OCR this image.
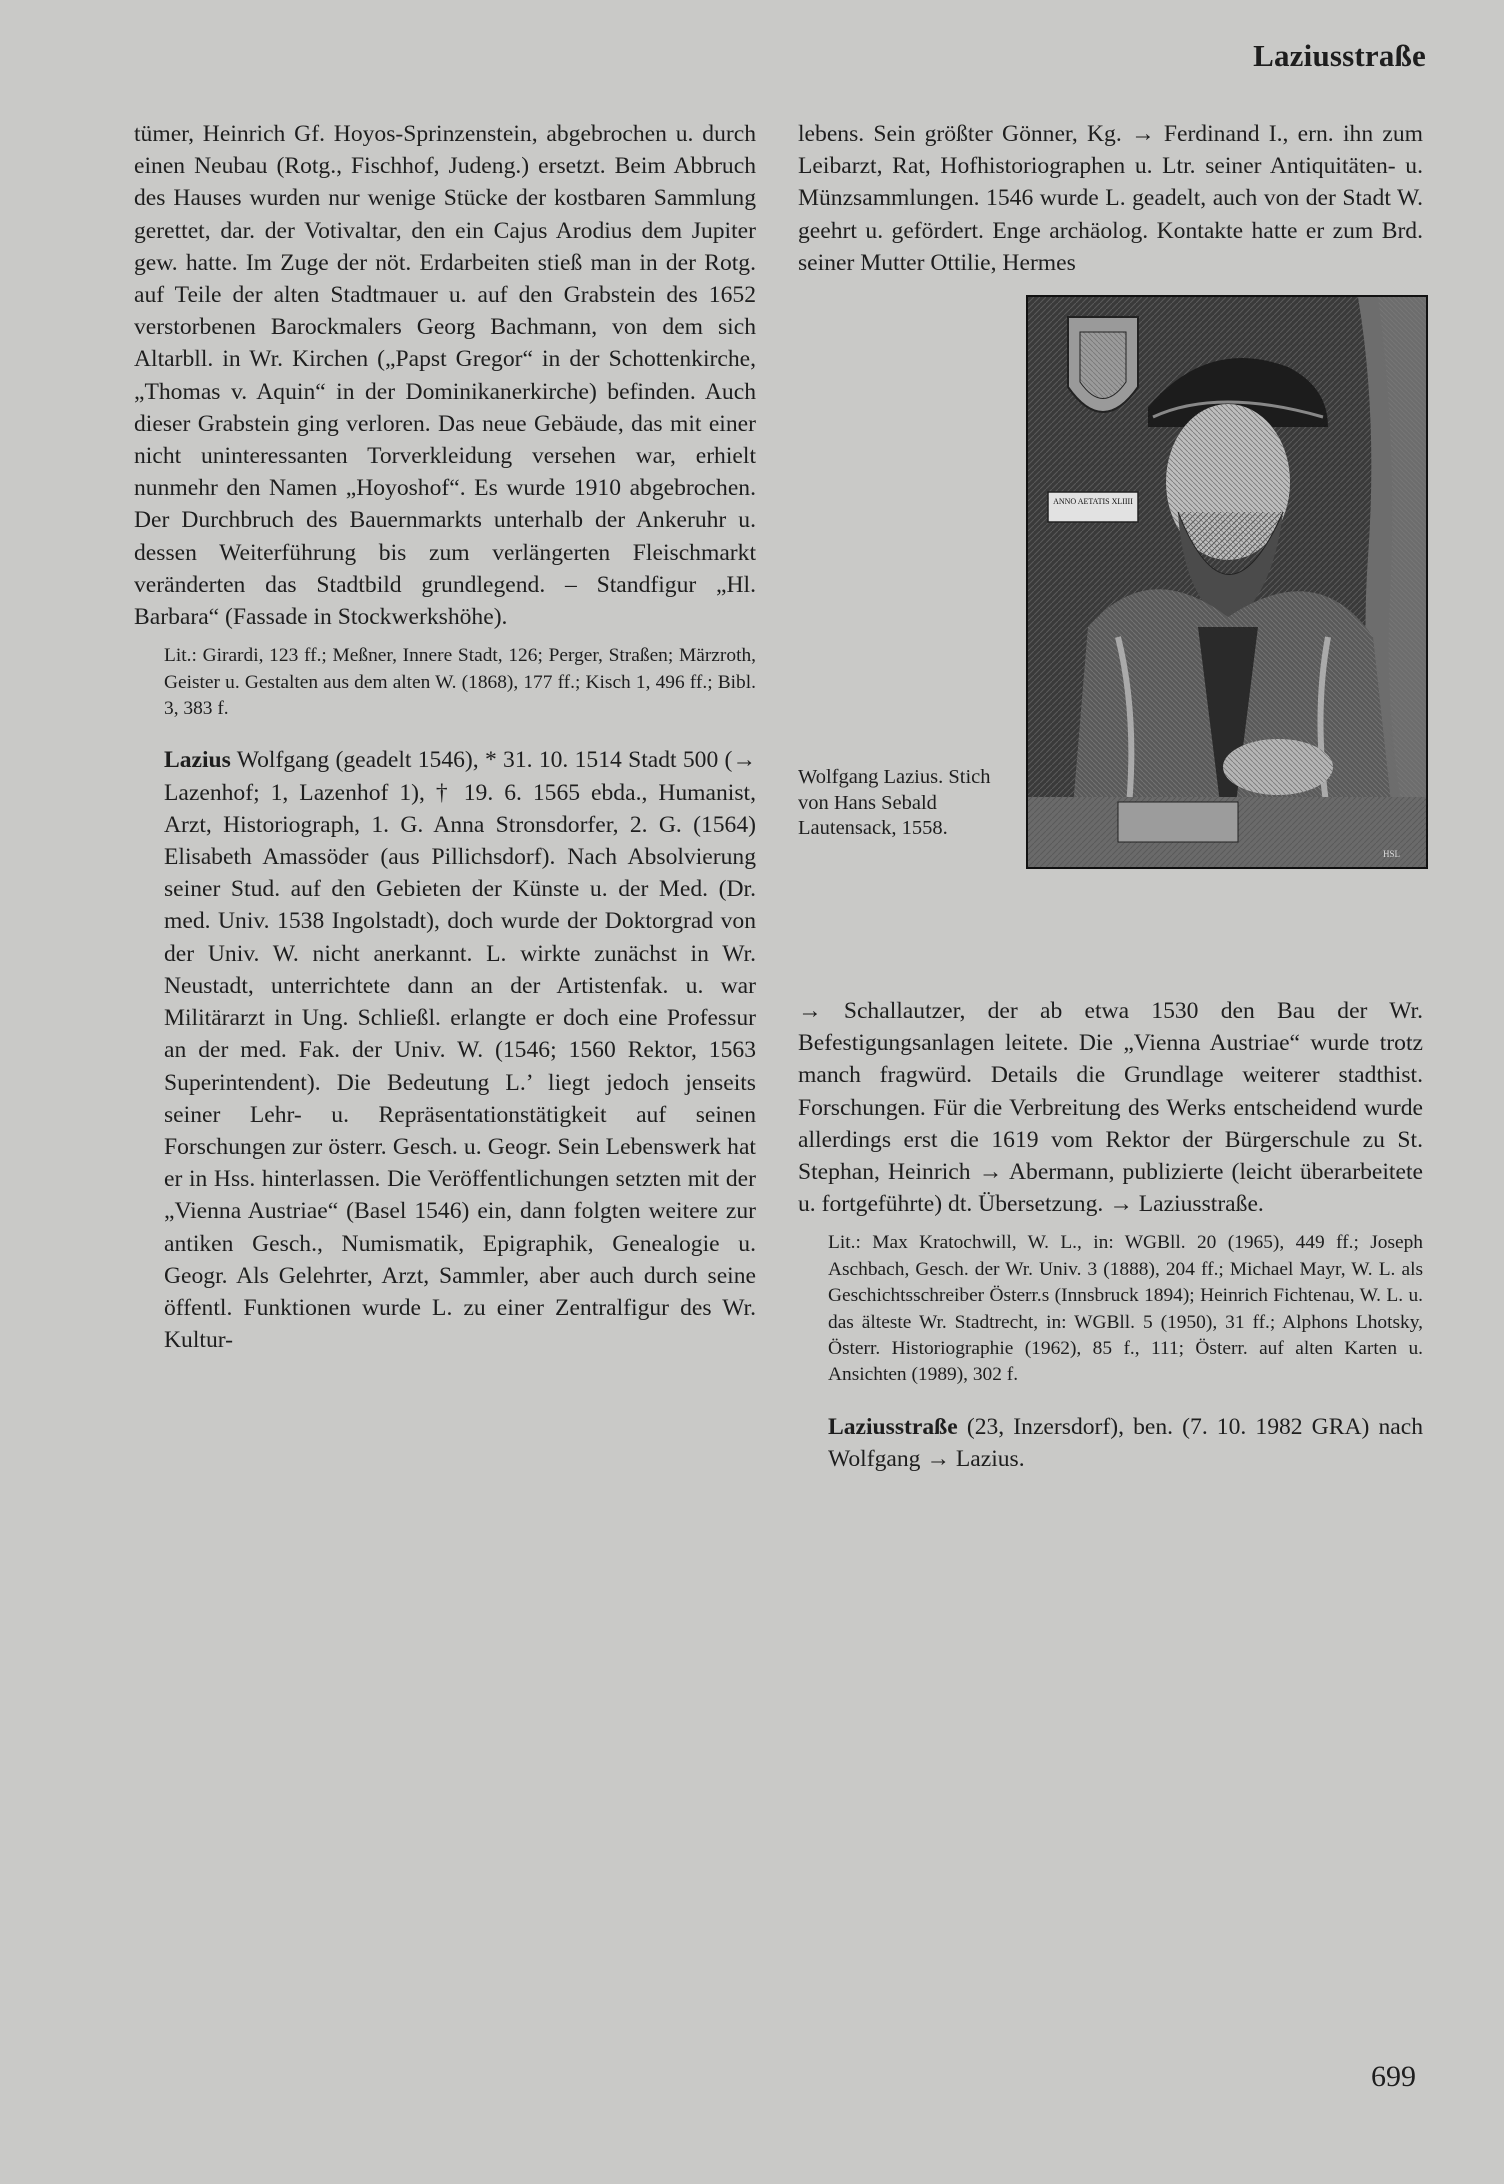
Laziusstraße

tümer, Heinrich Gf. Hoyos-Sprinzenstein, abgebrochen u. durch einen Neubau (Rotg., Fischhof, Judeng.) ersetzt. Beim Abbruch des Hauses wurden nur wenige Stücke der kostbaren Sammlung gerettet, dar. der Votivaltar, den ein Cajus Arodius dem Jupiter gew. hatte. Im Zuge der nöt. Erdarbeiten stieß man in der Rotg. auf Teile der alten Stadtmauer u. auf den Grabstein des 1652 verstorbenen Barockmalers Georg Bachmann, von dem sich Altarbll. in Wr. Kirchen („Papst Gregor“ in der Schottenkirche, „Thomas v. Aquin“ in der Dominikanerkirche) befinden. Auch dieser Grabstein ging verloren. Das neue Gebäude, das mit einer nicht uninteressanten Torverkleidung versehen war, erhielt nunmehr den Namen „Hoyoshof“. Es wurde 1910 abgebrochen. Der Durchbruch des Bauernmarkts unterhalb der Ankeruhr u. dessen Weiterführung bis zum verlängerten Fleischmarkt veränderten das Stadtbild grundlegend. – Standfigur „Hl. Barbara“ (Fassade in Stockwerkshöhe).

Lit.: Girardi, 123 ff.; Meßner, Innere Stadt, 126; Perger, Straßen; Märzroth, Geister u. Gestalten aus dem alten W. (1868), 177 ff.; Kisch 1, 496 ff.; Bibl. 3, 383 f.

Lazius Wolfgang (geadelt 1546), * 31. 10. 1514 Stadt 500 (→ Lazenhof; 1, Lazenhof 1), † 19. 6. 1565 ebda., Humanist, Arzt, Historiograph, 1. G. Anna Stronsdorfer, 2. G. (1564) Elisabeth Amassöder (aus Pillichsdorf). Nach Absolvierung seiner Stud. auf den Gebieten der Künste u. der Med. (Dr. med. Univ. 1538 Ingolstadt), doch wurde der Doktorgrad von der Univ. W. nicht anerkannt. L. wirkte zunächst in Wr. Neustadt, unterrichtete dann an der Artistenfak. u. war Militärarzt in Ung. Schließl. erlangte er doch eine Professur an der med. Fak. der Univ. W. (1546; 1560 Rektor, 1563 Superintendent). Die Bedeutung L.’ liegt jedoch jenseits seiner Lehr- u. Repräsentationstätigkeit auf seinen Forschungen zur österr. Gesch. u. Geogr. Sein Lebenswerk hat er in Hss. hinterlassen. Die Veröffentlichungen setzten mit der „Vienna Austriae“ (Basel 1546) ein, dann folgten weitere zur antiken Gesch., Numismatik, Epigraphik, Genealogie u. Geogr. Als Gelehrter, Arzt, Sammler, aber auch durch seine öffentl. Funktionen wurde L. zu einer Zentralfigur des Wr. Kultur-

lebens. Sein größter Gönner, Kg. → Ferdinand I., ern. ihn zum Leibarzt, Rat, Hofhistoriographen u. Ltr. seiner Antiquitäten- u. Münzsammlungen. 1546 wurde L. geadelt, auch von der Stadt W. geehrt u. gefördert. Enge archäolog. Kontakte hatte er zum Brd. seiner Mutter Ottilie, Hermes

Wolfgang Lazius. Stich von Hans Sebald Lautensack, 1558.
ANNO AETATIS XLIIII
HSL

→ Schallautzer, der ab etwa 1530 den Bau der Wr. Befestigungsanlagen leitete. Die „Vienna Austriae“ wurde trotz manch fragwürd. Details die Grundlage weiterer stadthist. Forschungen. Für die Verbreitung des Werks entscheidend wurde allerdings erst die 1619 vom Rektor der Bürgerschule zu St. Stephan, Heinrich → Abermann, publizierte (leicht überarbeitete u. fortgeführte) dt. Übersetzung. → Laziusstraße.

Lit.: Max Kratochwill, W. L., in: WGBll. 20 (1965), 449 ff.; Joseph Aschbach, Gesch. der Wr. Univ. 3 (1888), 204 ff.; Michael Mayr, W. L. als Geschichtsschreiber Österr.s (Innsbruck 1894); Heinrich Fichtenau, W. L. u. das älteste Wr. Stadtrecht, in: WGBll. 5 (1950), 31 ff.; Alphons Lhotsky, Österr. Historiographie (1962), 85 f., 111; Österr. auf alten Karten u. Ansichten (1989), 302 f.

Laziusstraße (23, Inzersdorf), ben. (7. 10. 1982 GRA) nach Wolfgang → Lazius.

699
